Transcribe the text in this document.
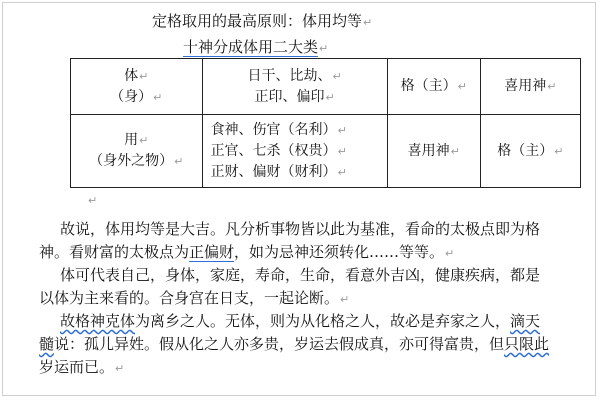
定格取用的最高原则：体用均等↵
十神分成体用二大类↵
体↵
（身）↵	日干、比劫、↵
正印、偏印↵	格（主）↵	喜用神↵

用↵
（身外之物）↵	食神、伤官（名利）↵
正官、七杀（权贵）↵
正财、偏财（财利）↵	喜用神↵	格（主）↵
↵

故说，体用均等是大吉。凡分析事物皆以此为基准，看命的太极点即为格
神。看财富的太极点为正偏财，如为忌神还须转化……等等。↵

体可代表自己，身体，家庭，寿命，生命，看意外吉凶，健康疾病，都是
以体为主来看的。合身宫在日支，一起论断。↵

故格神克体为离乡之人。无体，则为从化格之人，故必是弃家之人，滴天
髓说：孤儿异姓。假从化之人亦多贵，岁运去假成真，亦可得富贵，但只限此
岁运而已。↵
